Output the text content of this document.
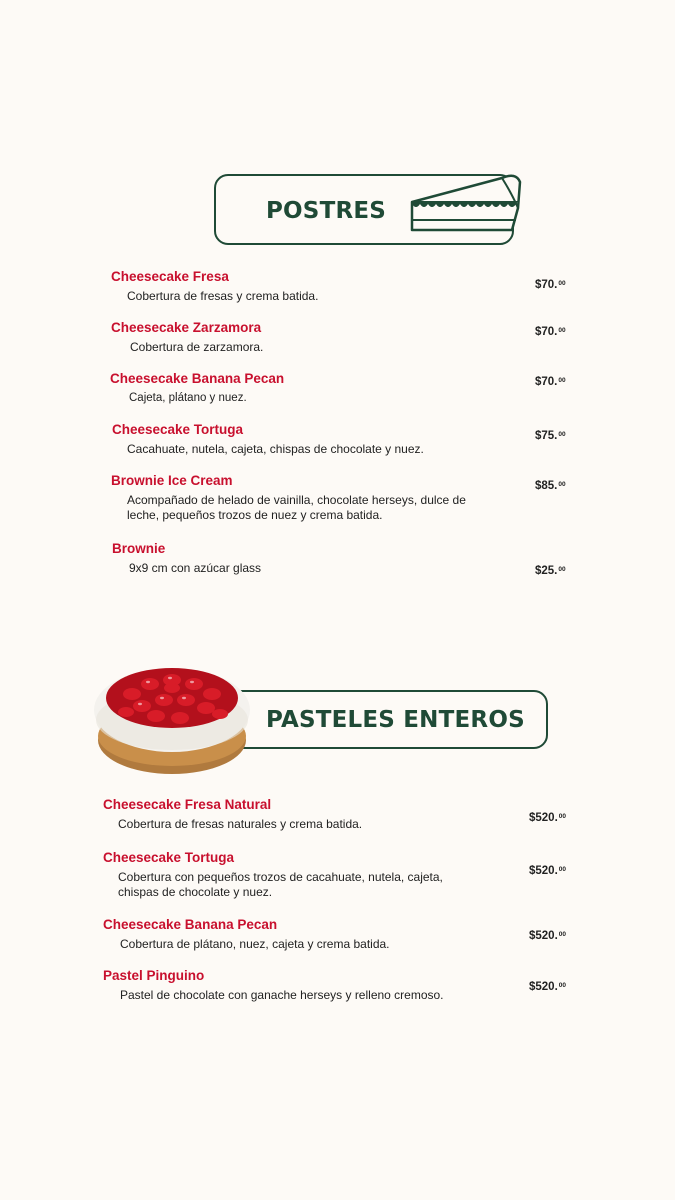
POSTRES
Cheesecake Fresa
Cobertura de fresas y crema batida.
$70.00
Cheesecake Zarzamora
Cobertura de zarzamora.
$70.00
Cheesecake Banana Pecan
Cajeta, plátano y nuez.
$70.00
Cheesecake Tortuga
Cacahuate, nutela, cajeta, chispas de chocolate y nuez.
$75.00
Brownie Ice Cream
Acompañado de helado de vainilla, chocolate herseys, dulce de leche, pequeños trozos de nuez y crema batida.
$85.00
Brownie
9x9 cm con azúcar glass	$25.00
PASTELES ENTEROS
Cheesecake Fresa Natural
Cobertura de fresas naturales y crema batida.	$520.00
Cheesecake Tortuga
Cobertura con pequeños trozos de cacahuate, nutela, cajeta, chispas de chocolate y nuez.
$520.00
Cheesecake Banana Pecan
Cobertura de plátano, nuez, cajeta y crema batida.
$520.00
Pastel Pinguino
Pastel de chocolate con ganache herseys y relleno cremoso.
$520.00
